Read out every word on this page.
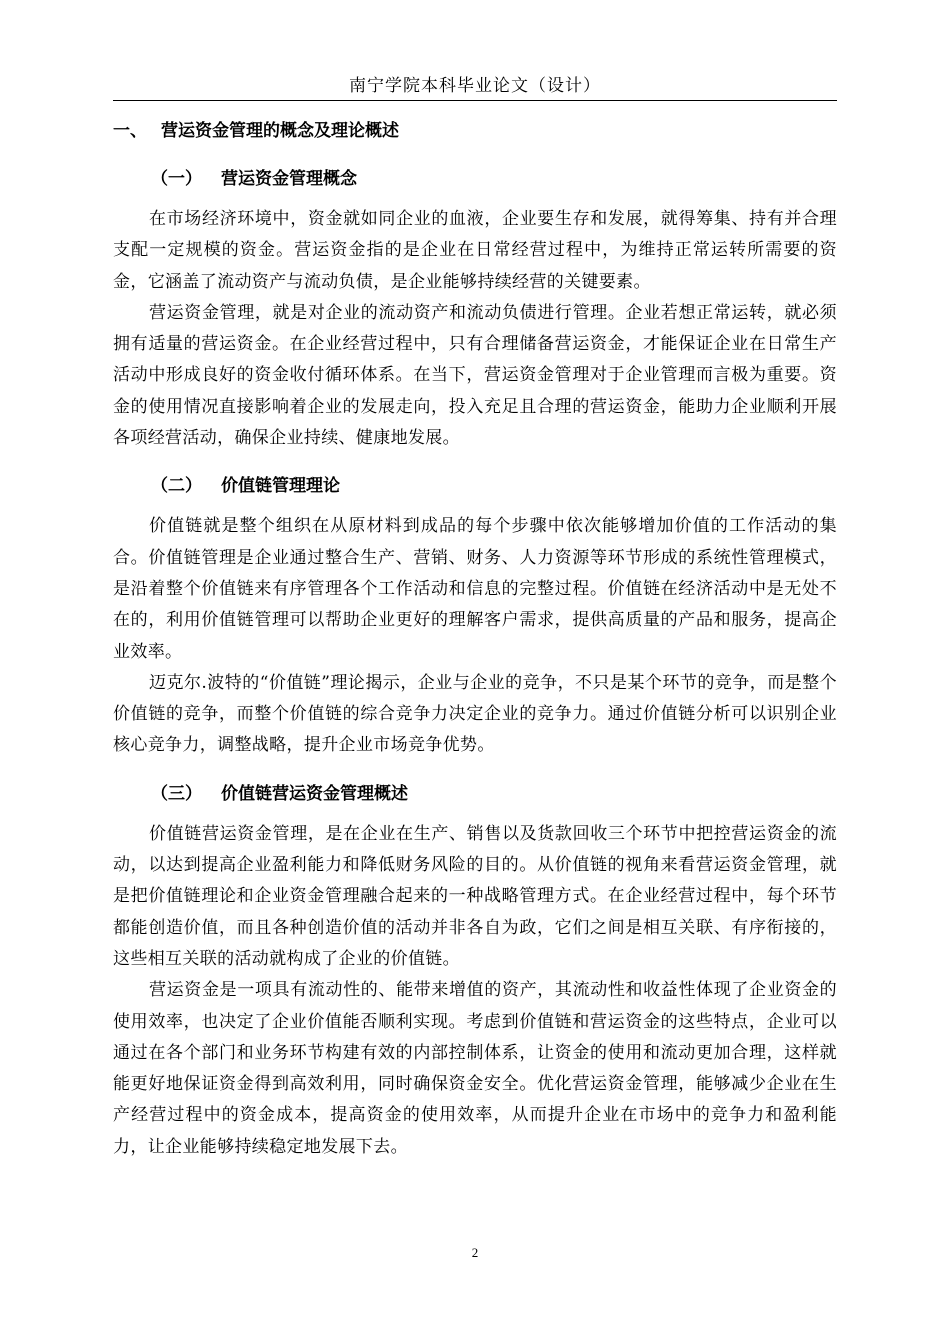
南宁学院本科毕业论文（设计）
一、 营运资金管理的概念及理论概述
（一） 营运资金管理概念

在市场经济环境中，资金就如同企业的血液，企业要生存和发展，就得筹集、持有并合理支配一定规模的资金。营运资金指的是企业在日常经营过程中，为维持正常运转所需要的资金，它涵盖了流动资产与流动负债，是企业能够持续经营的关键要素。

营运资金管理，就是对企业的流动资产和流动负债进行管理。企业若想正常运转，就必须拥有适量的营运资金。在企业经营过程中，只有合理储备营运资金，才能保证企业在日常生产活动中形成良好的资金收付循环体系。在当下，营运资金管理对于企业管理而言极为重要。资金的使用情况直接影响着企业的发展走向，投入充足且合理的营运资金，能助力企业顺利开展各项经营活动，确保企业持续、健康地发展。

（二） 价值链管理理论

价值链就是整个组织在从原材料到成品的每个步骤中依次能够增加价值的工作活动的集合。价值链管理是企业通过整合生产、营销、财务、人力资源等环节形成的系统性管理模式，是沿着整个价值链来有序管理各个工作活动和信息的完整过程。价值链在经济活动中是无处不在的，利用价值链管理可以帮助企业更好的理解客户需求，提供高质量的产品和服务，提高企业效率。

迈克尔.波特的“价值链”理论揭示，企业与企业的竞争，不只是某个环节的竞争，而是整个价值链的竞争，而整个价值链的综合竞争力决定企业的竞争力。通过价值链分析可以识别企业核心竞争力，调整战略，提升企业市场竞争优势。

（三） 价值链营运资金管理概述

价值链营运资金管理，是在企业在生产、销售以及货款回收三个环节中把控营运资金的流动，以达到提高企业盈利能力和降低财务风险的目的。从价值链的视角来看营运资金管理，就是把价值链理论和企业资金管理融合起来的一种战略管理方式。在企业经营过程中，每个环节都能创造价值，而且各种创造价值的活动并非各自为政，它们之间是相互关联、有序衔接的，这些相互关联的活动就构成了企业的价值链。

营运资金是一项具有流动性的、能带来增值的资产，其流动性和收益性体现了企业资金的使用效率，也决定了企业价值能否顺利实现。考虑到价值链和营运资金的这些特点，企业可以通过在各个部门和业务环节构建有效的内部控制体系，让资金的使用和流动更加合理，这样就能更好地保证资金得到高效利用，同时确保资金安全。优化营运资金管理，能够减少企业在生产经营过程中的资金成本，提高资金的使用效率，从而提升企业在市场中的竞争力和盈利能力，让企业能够持续稳定地发展下去。

2
